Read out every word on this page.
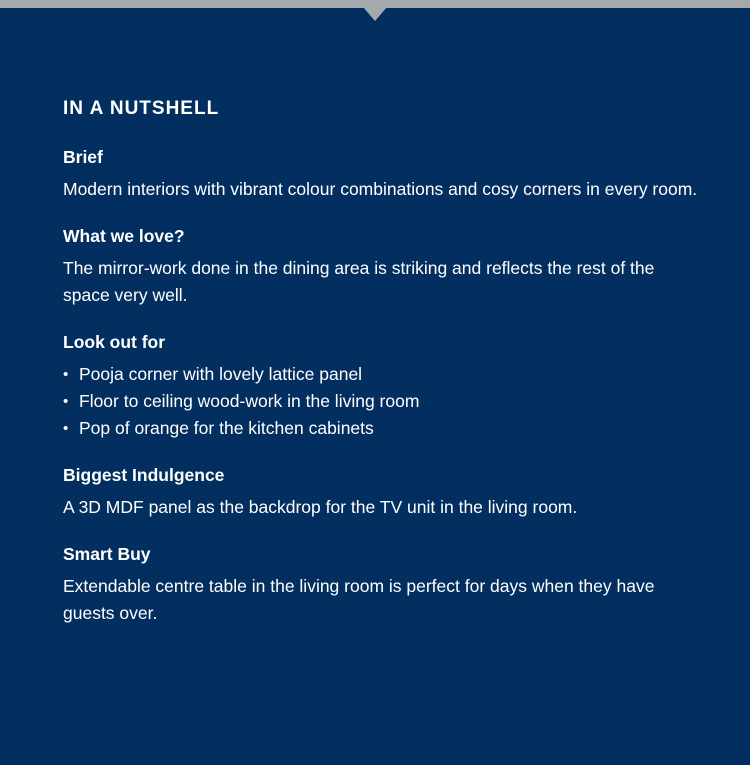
IN A NUTSHELL
Brief

Modern interiors with vibrant colour combinations and cosy corners in every room.

What we love?

The mirror-work done in the dining area is striking and reflects the rest of the space very well.

Look out for
• Pooja corner with lovely lattice panel
• Floor to ceiling wood-work in the living room
• Pop of orange for the kitchen cabinets
Biggest Indulgence

A 3D MDF panel as the backdrop for the TV unit in the living room.

Smart Buy

Extendable centre table in the living room is perfect for days when they have guests over.
